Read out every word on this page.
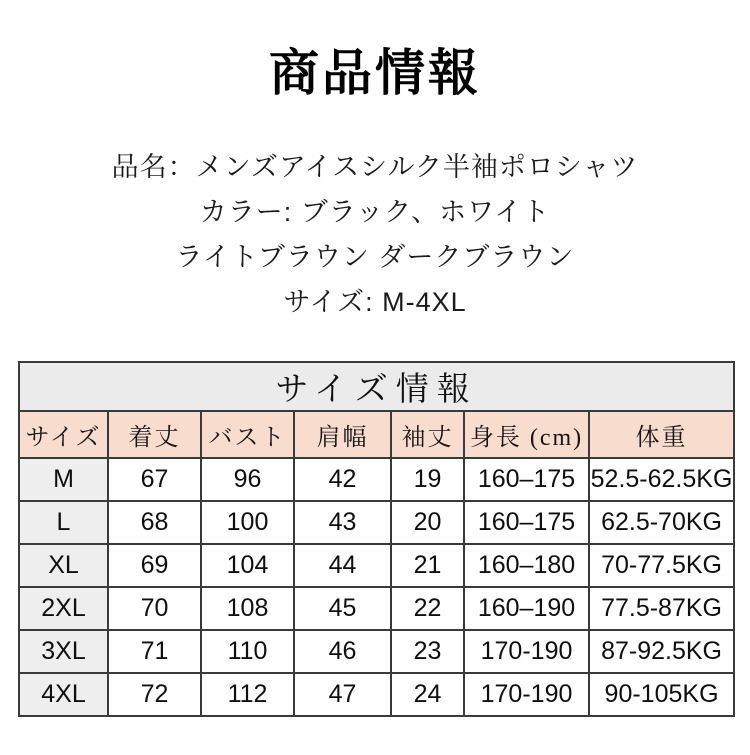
商品情報
品名：メンズアイスシルク半袖ポロシャツ
カラー: ブラック、ホワイト
ライトブラウン ダークブラウン
サイズ: M-4XL
サイズ情報						
サイズ	着丈	バスト	肩幅	袖丈	身長 (cm)	体重
M	67	96	42	19	160–175	52.5-62.5KG
L	68	100	43	20	160–175	62.5-70KG
XL	69	104	44	21	160–180	70-77.5KG
2XL	70	108	45	22	160–190	77.5-87KG
3XL	71	110	46	23	170-190	87-92.5KG
4XL	72	112	47	24	170-190	90-105KG
